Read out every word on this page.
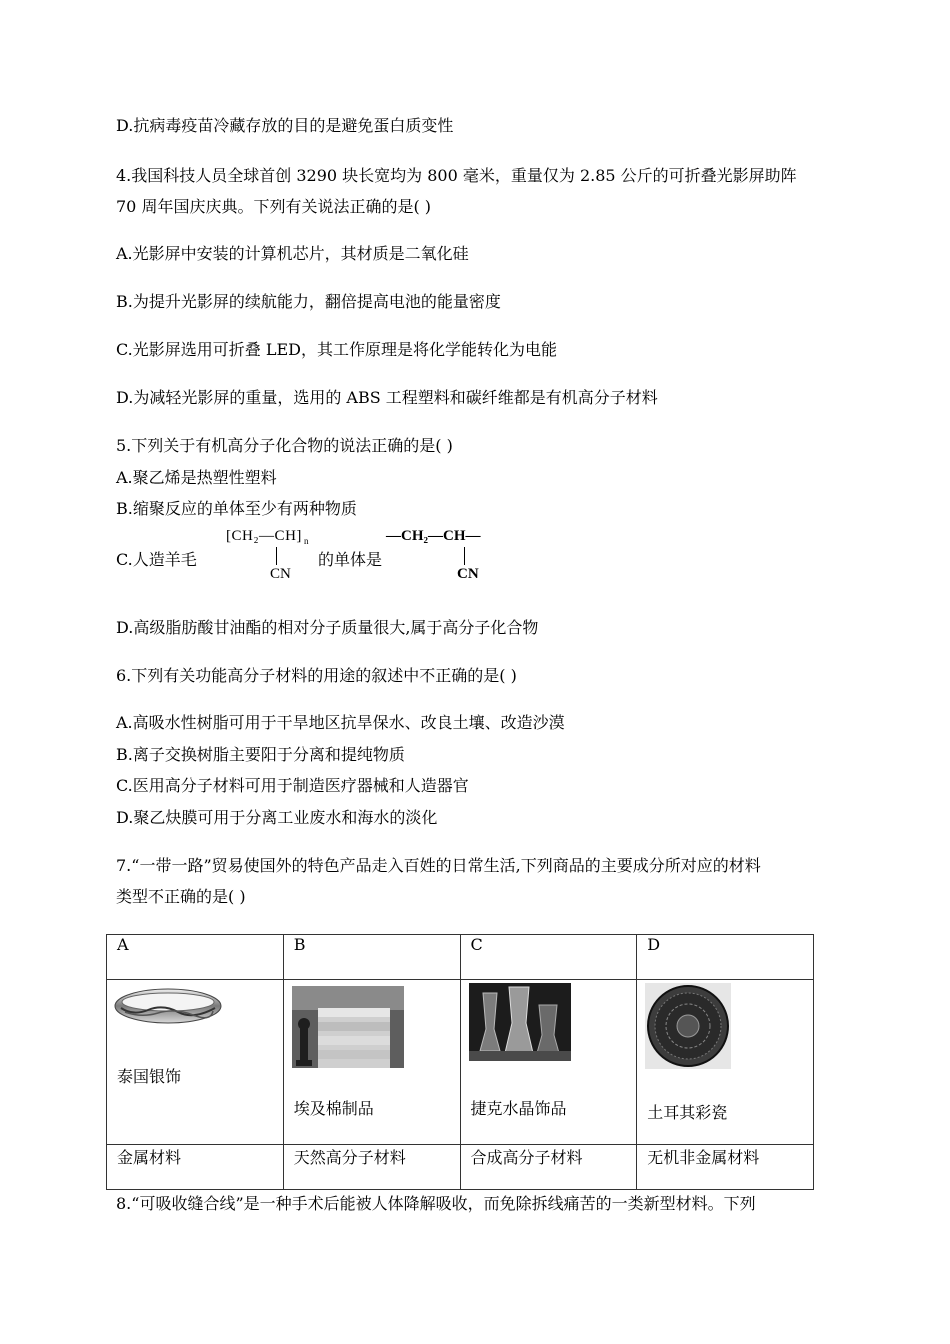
D.抗病毒疫苗冷藏存放的目的是避免蛋白质变性
4.我国科技人员全球首创 3290 块长宽均为 800 毫米，重量仅为 2.85 公斤的可折叠光影屏助阵
70 周年国庆庆典。下列有关说法正确的是( )
A.光影屏中安装的计算机芯片，其材质是二氧化硅
B.为提升光影屏的续航能力，翻倍提高电池的能量密度
C.光影屏选用可折叠 LED，其工作原理是将化学能转化为电能
D.为减轻光影屏的重量，选用的 ABS 工程塑料和碳纤维都是有机高分子材料
5.下列关于有机高分子化合物的说法正确的是( )
A.聚乙烯是热塑性塑料
B.缩聚反应的单体至少有两种物质
C.人造羊毛
[CH₂—CH] n
CN
的单体是
—CH₂—CH—
CN
D.高级脂肪酸甘油酯的相对分子质量很大,属于高分子化合物
6.下列有关功能高分子材料的用途的叙述中不正确的是( )
A.高吸水性树脂可用于干旱地区抗旱保水、改良土壤、改造沙漠
B.离子交换树脂主要阳于分离和提纯物质
C.医用高分子材料可用于制造医疗器械和人造器官
D.聚乙炔膜可用于分离工业废水和海水的淡化
7.“一带一路”贸易使国外的特色产品走入百姓的日常生活,下列商品的主要成分所对应的材料
类型不正确的是( )
A	B	C	D

泰国银饰	埃及棉制品	捷克水晶饰品	土耳其彩瓷

金属材料	天然高分子材料	合成高分子材料	无机非金属材料
8.“可吸收缝合线”是一种手术后能被人体降解吸收，而免除拆线痛苦的一类新型材料。下列
